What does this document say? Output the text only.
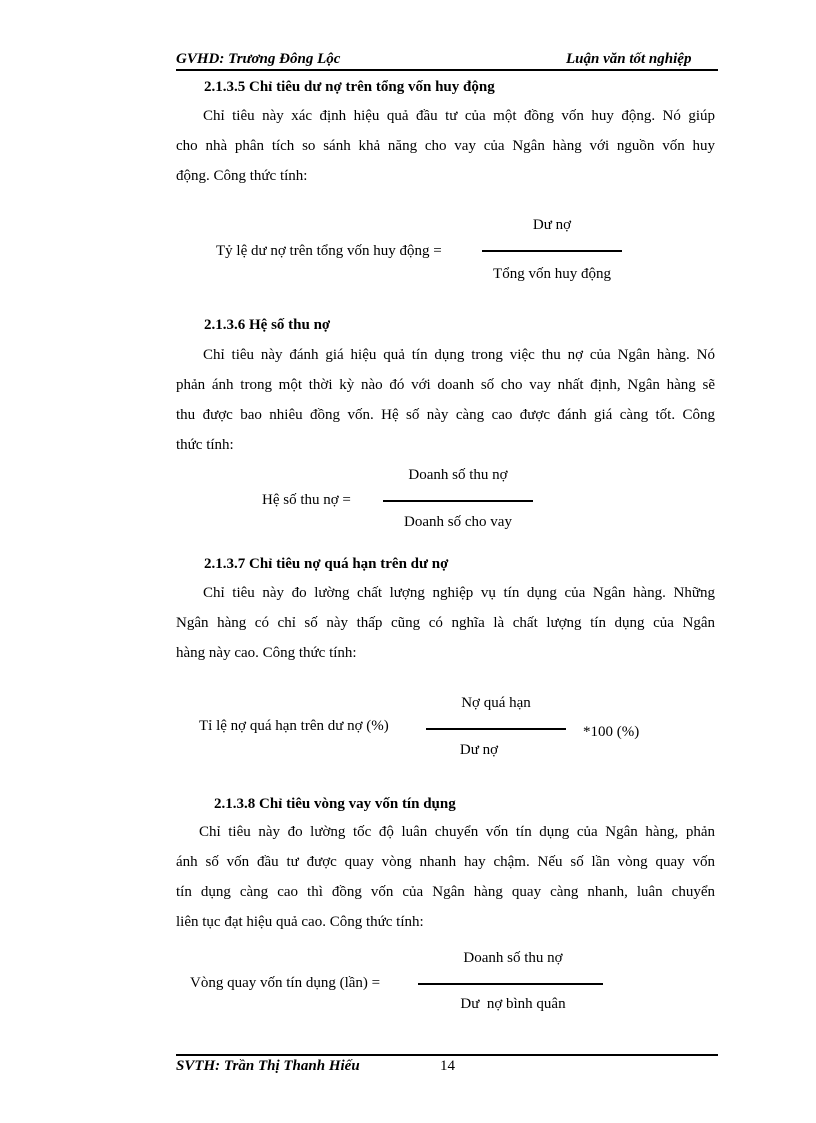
GVHD: Trương Đông Lộc	Luận văn tốt nghiệp
2.1.3.5 Chỉ tiêu dư nợ trên tổng vốn huy động
Chỉ tiêu này xác định hiệu quả đầu tư của một đồng vốn huy động. Nó giúp
cho nhà phân tích so sánh khả năng cho vay của Ngân hàng với nguồn vốn huy
động. Công thức tính:
Tỷ lệ dư nợ trên tổng vốn huy động =
Dư nợ
Tổng vốn huy động
2.1.3.6 Hệ số thu nợ
Chỉ tiêu này đánh giá hiệu quả tín dụng trong việc thu nợ của Ngân hàng. Nó
phản ánh trong một thời kỳ nào đó với doanh số cho vay nhất định, Ngân hàng sẽ
thu được bao nhiêu đồng vốn. Hệ số này càng cao được đánh giá càng tốt. Công
thức tính:
Hệ số thu nợ =
Doanh số thu nợ
Doanh số cho vay
2.1.3.7 Chỉ tiêu nợ quá hạn trên dư nợ
Chỉ tiêu này đo lường chất lượng nghiệp vụ tín dụng của Ngân hàng. Những
Ngân hàng có chỉ số này thấp cũng có nghĩa là chất lượng tín dụng của Ngân
hàng này cao. Công thức tính:
Tỉ lệ nợ quá hạn trên dư nợ (%)
Nợ quá hạn
Dư nợ
*100 (%)
2.1.3.8 Chỉ tiêu vòng vay vốn tín dụng
Chỉ tiêu này đo lường tốc độ luân chuyển vốn tín dụng của Ngân hàng, phản
ánh số vốn đầu tư được quay vòng nhanh hay chậm. Nếu số lần vòng quay vốn
tín dụng càng cao thì đồng vốn của Ngân hàng quay càng nhanh, luân chuyển
liên tục đạt hiệu quả cao. Công thức tính:
Vòng quay vốn tín dụng (lần) =
Doanh số thu nợ
Dư  nợ bình quân
SVTH: Trần Thị Thanh Hiếu	14
